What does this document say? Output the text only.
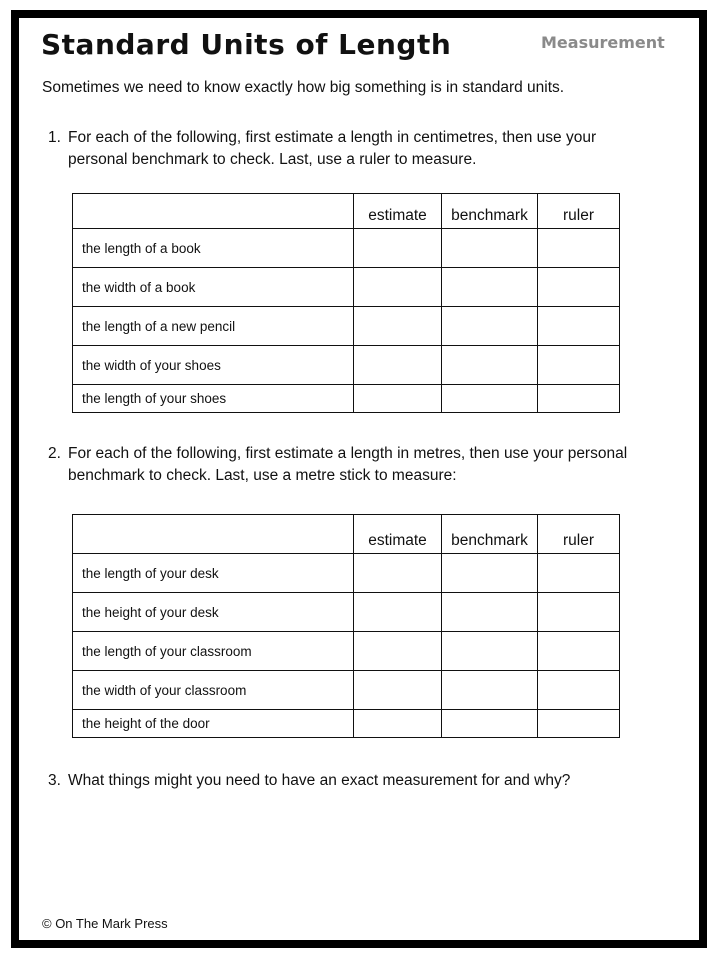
Standard Units of Length	Measurement
Sometimes we need to know exactly how big something is in standard units.
1. For each of the following, first estimate a length in centimetres, then use your personal benchmark to check. Last, use a ruler to measure.
	estimate	benchmark	ruler
the length of a book			
the width of a book			
the length of a new pencil			
the width of your shoes			
the length of your shoes			
2. For each of the following, first estimate a length in metres, then use your personal benchmark to check. Last, use a metre stick to measure:
	estimate	benchmark	ruler
the length of your desk			
the height of your desk			
the length of your classroom			
the width of your classroom			
the height of the door			
3. What things might you need to have an exact measurement for and why?
© On The Mark Press
